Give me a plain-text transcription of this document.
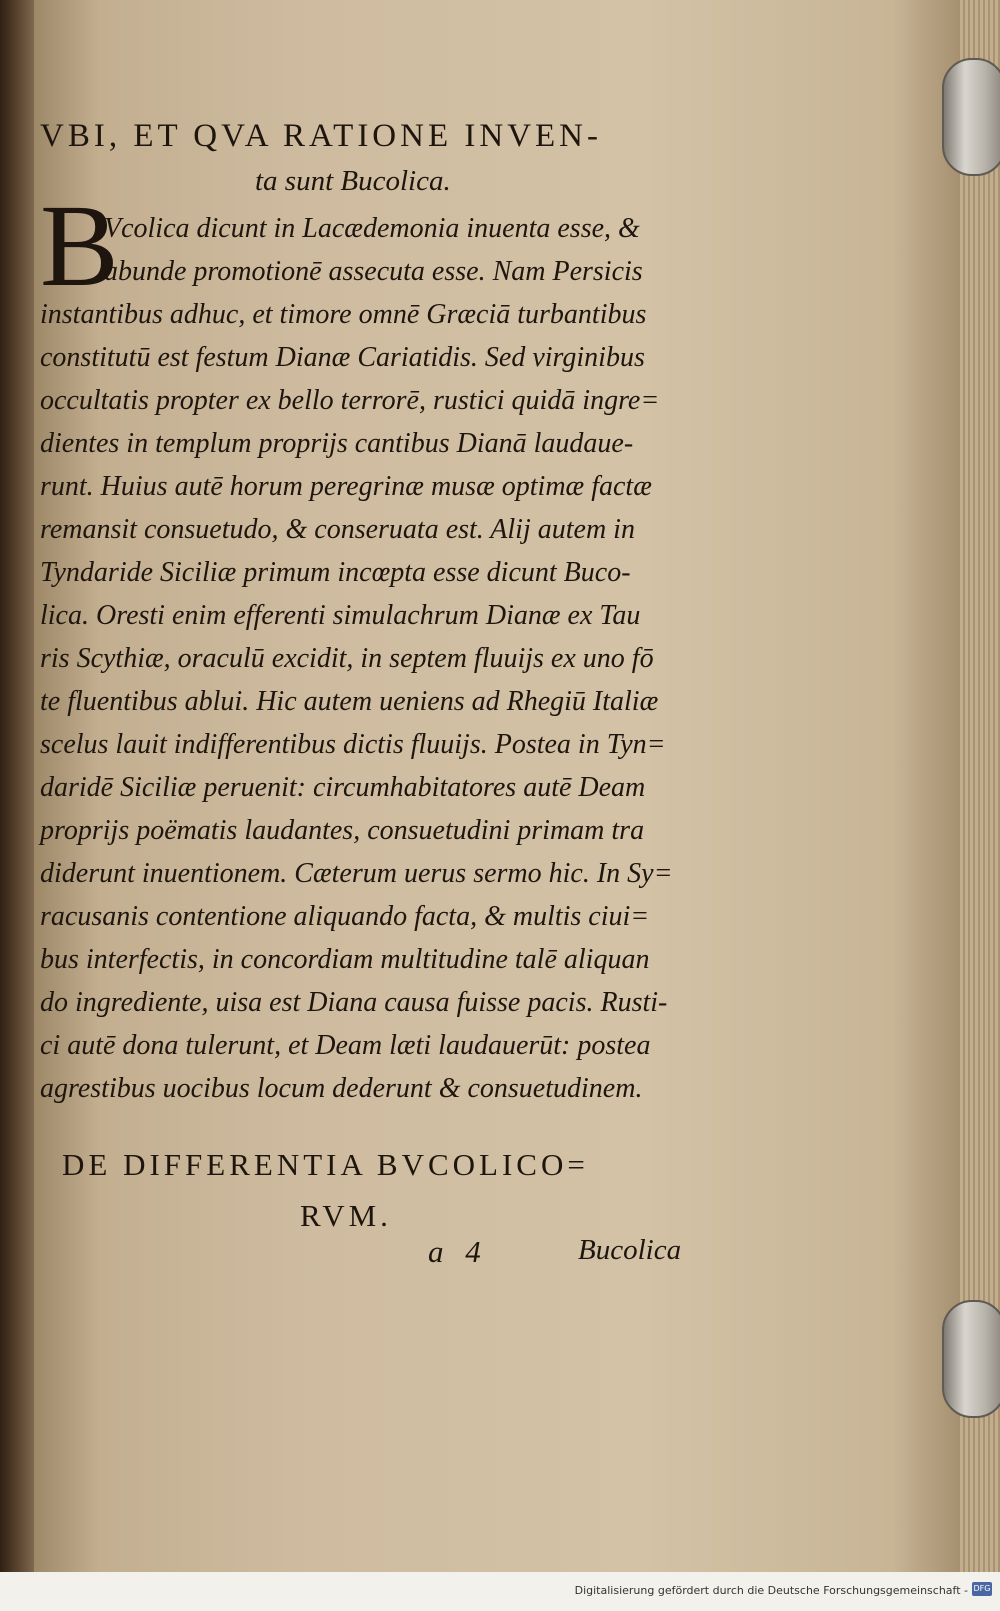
VBI, ET QVA RATIONE INVEN-
ta sunt Bucolica.
B
Vcolica dicunt in Lacædemonia inuenta esse, &
abunde promotionē assecuta esse. Nam Persicis
instantibus adhuc, et timore omnē Græciā turbantibus
constitutū est festum Dianæ Cariatidis. Sed virginibus
occultatis propter ex bello terrorē, rustici quidā ingre=
dientes in templum proprijs cantibus Dianā laudaue-
runt. Huius autē horum peregrinæ musæ optimæ factæ
remansit consuetudo, & conseruata est. Alij autem in
Tyndaride Siciliæ primum incœpta esse dicunt Buco-
lica. Oresti enim efferenti simulachrum Dianæ ex Tau
ris Scythiæ, oraculū excidit, in septem fluuijs ex uno fō
te fluentibus ablui. Hic autem ueniens ad Rhegiū Italiæ
scelus lauit indifferentibus dictis fluuijs. Postea in Tyn=
daridē Siciliæ peruenit: circumhabitatores autē Deam
proprijs poëmatis laudantes, consuetudini primam tra
diderunt inuentionem. Cæterum uerus sermo hic. In Sy=
racusanis contentione aliquando facta, & multis ciui=
bus interfectis, in concordiam multitudine talē aliquan
do ingrediente, uisa est Diana causa fuisse pacis. Rusti-
ci autē dona tulerunt, et Deam læti laudauerūt: postea
agrestibus uocibus locum dederunt & consuetudinem.
DE DIFFERENTIA BVCOLICO=
RVM.
a 4	Bucolica
Digitalisierung gefördert durch die Deutsche Forschungsgemeinschaft - DFG
